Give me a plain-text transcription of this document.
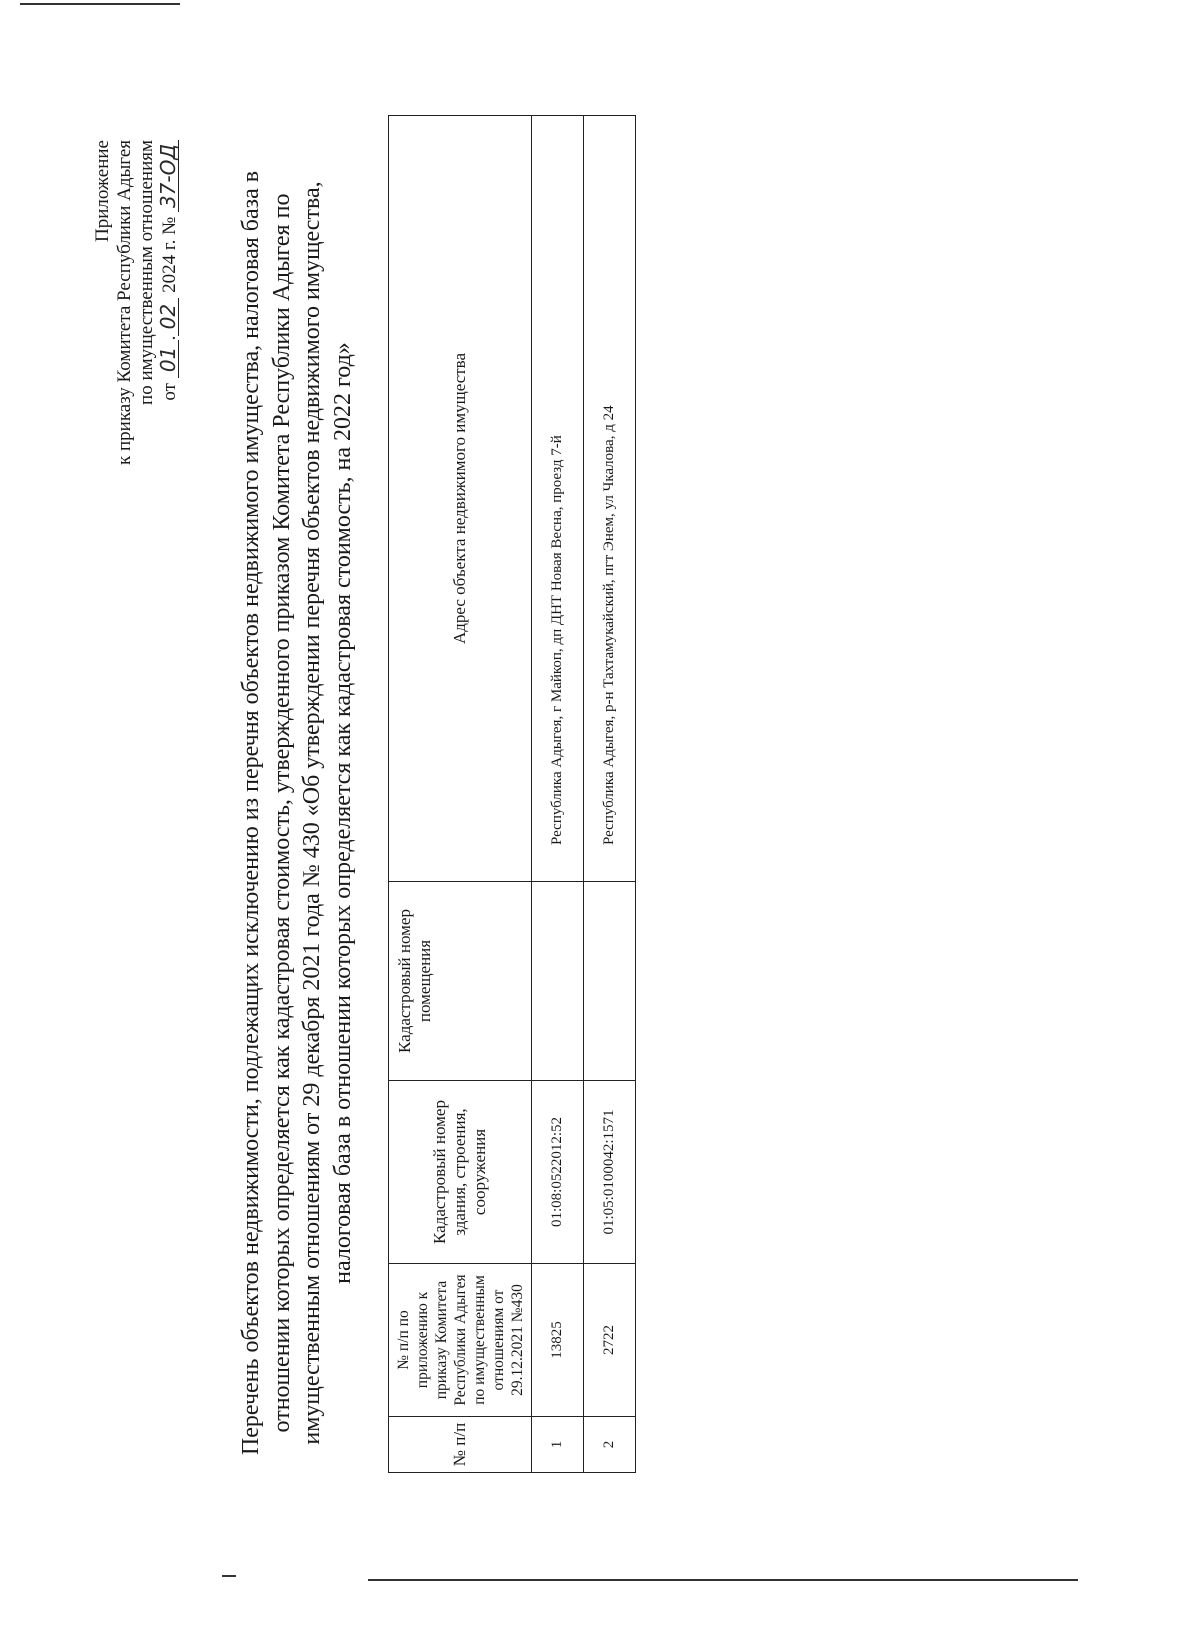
Приложение к приказу Комитета Республики Адыгея по имущественным отношениям от 01.02 2024 г. № 37-ОД Перечень объектов недвижимости, подлежащих исключению из перечня объектов недвижимого имущества, налоговая база в отношении которых определяется как кадастровая стоимость, утвержденного приказом Комитета Республики Адыгея по имущественным отношениям от 29 декабря 2021 года № 430 «Об утверждении перечня объектов недвижимого имущества, налоговая база в отношении которых определяется как кадастровая стоимость, на 2022 год»
№ п/п	№ п/п по приложению к приказу Комитета Республики Адыгея по имущественным отношениям от 29.12.2021 №430	Кадастровый номер здания, строения, сооружения	Кадастровый номер помещения	Адрес объекта недвижимого имущества
1	13825	01:08:0522012:52		Республика Адыгея, г Майкоп, дп ДНТ Новая Весна, проезд 7-й
2	2722	01:05:0100042:1571		Республика Адыгея, р-н Тахтамукайский, пгт Энем, ул Чкалова, д 24
